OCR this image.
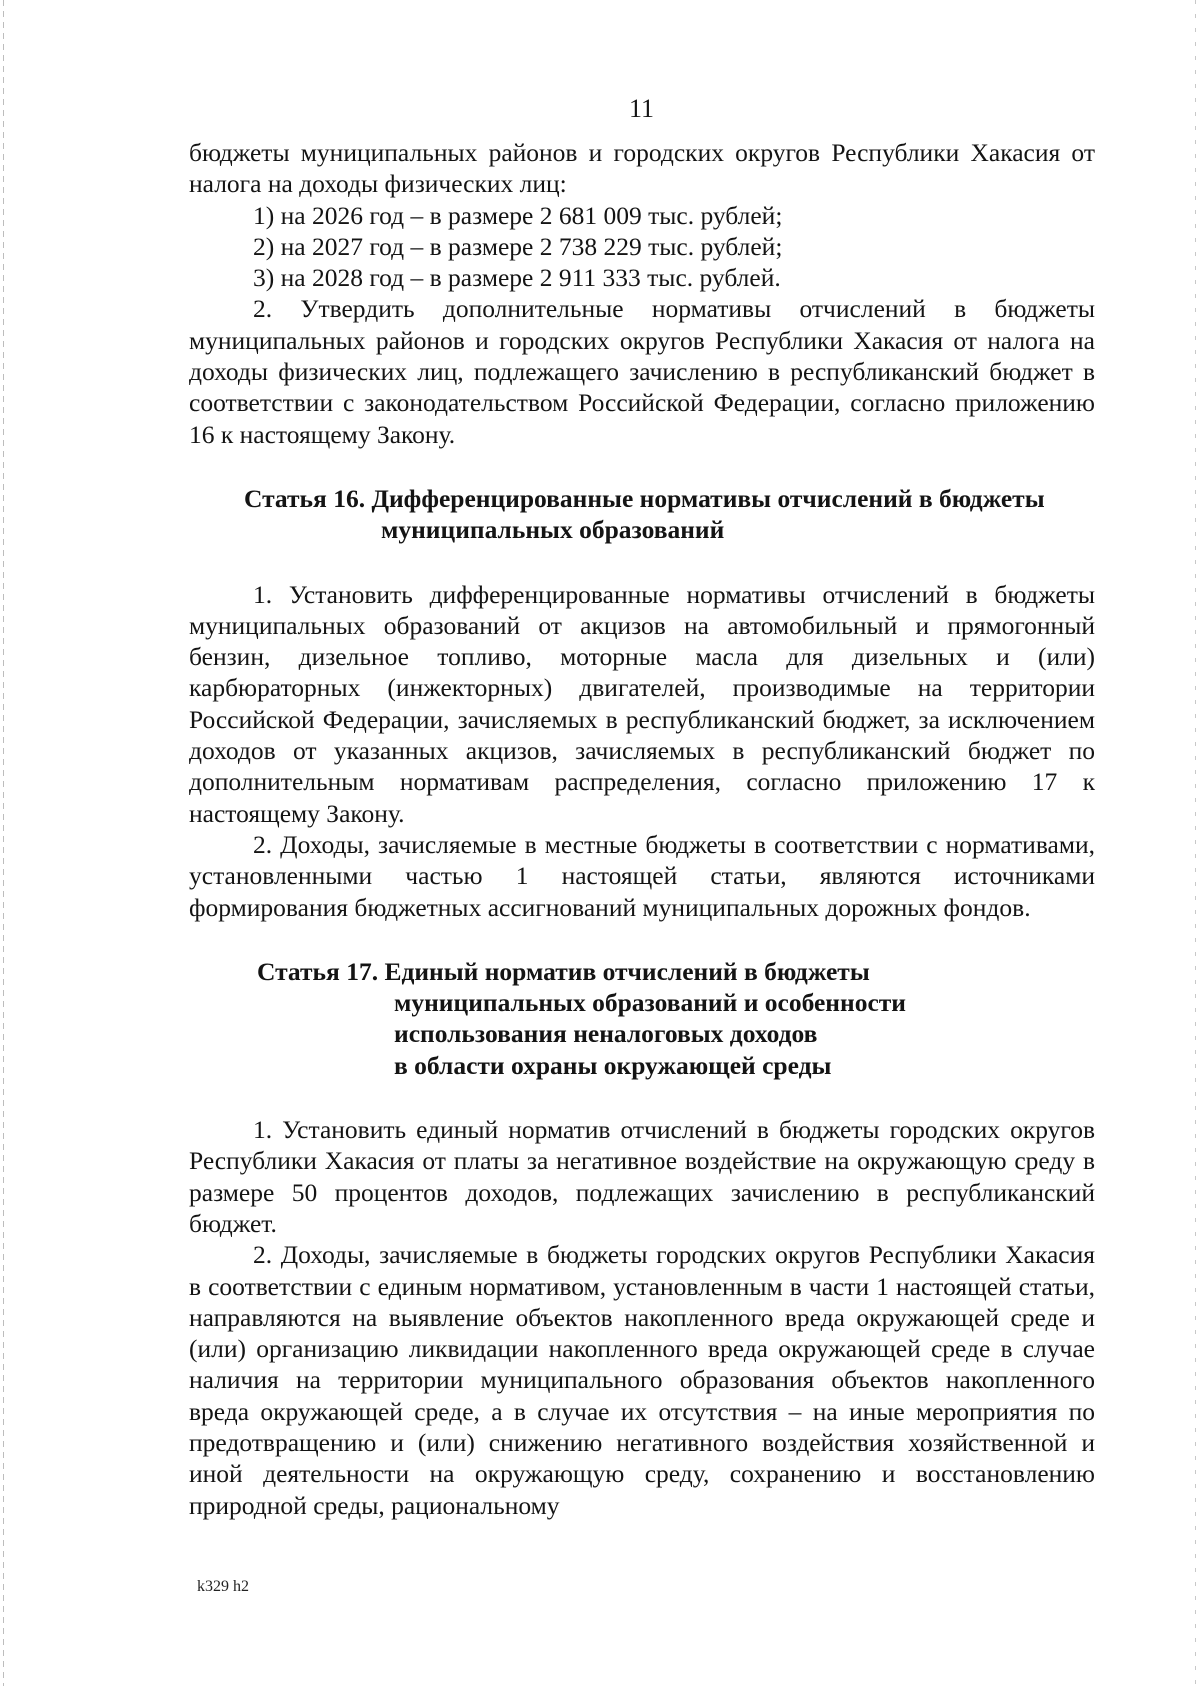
11

бюджеты муниципальных районов и городских округов Республики Хакасия от налога на доходы физических лиц:

1) на 2026 год – в размере 2 681 009 тыс. рублей;

2) на 2027 год – в размере 2 738 229 тыс. рублей;

3) на 2028 год – в размере 2 911 333 тыс. рублей.

2. Утвердить дополнительные нормативы отчислений в бюджеты муниципальных районов и городских округов Республики Хакасия от налога на доходы физических лиц, подлежащего зачислению в республиканский бюджет в соответствии с законодательством Российской Федерации, согласно приложению 16 к настоящему Закону.

Статья 16. Дифференцированные нормативы отчислений в бюджеты
муниципальных образований

1. Установить дифференцированные нормативы отчислений в бюджеты муниципальных образований от акцизов на автомобильный и прямогонный бензин, дизельное топливо, моторные масла для дизельных и (или) карбюраторных (инжекторных) двигателей, производимые на территории Российской Федерации, зачисляемых в республиканский бюджет, за исключением доходов от указанных акцизов, зачисляемых в республиканский бюджет по дополнительным нормативам распределения, согласно приложению 17 к настоящему Закону.

2. Доходы, зачисляемые в местные бюджеты в соответствии с нормативами, установленными частью 1 настоящей статьи, являются источниками формирования бюджетных ассигнований муниципальных дорожных фондов.

Статья 17. Единый норматив отчислений в бюджеты
муниципальных образований и особенности
использования неналоговых доходов
в области охраны окружающей среды

1. Установить единый норматив отчислений в бюджеты городских округов Республики Хакасия от платы за негативное воздействие на окружающую среду в размере 50 процентов доходов, подлежащих зачислению в республиканский бюджет.

2. Доходы, зачисляемые в бюджеты городских округов Республики Хакасия в соответствии с единым нормативом, установленным в части 1 настоящей статьи, направляются на выявление объектов накопленного вреда окружающей среде и (или) организацию ликвидации накопленного вреда окружающей среде в случае наличия на территории муниципального образования объектов накопленного вреда окружающей среде, а в случае их отсутствия – на иные мероприятия по предотвращению и (или) снижению негативного воздействия хозяйственной и иной деятельности на окружающую среду, сохранению и восстановлению природной среды, рациональному

k329 h2
